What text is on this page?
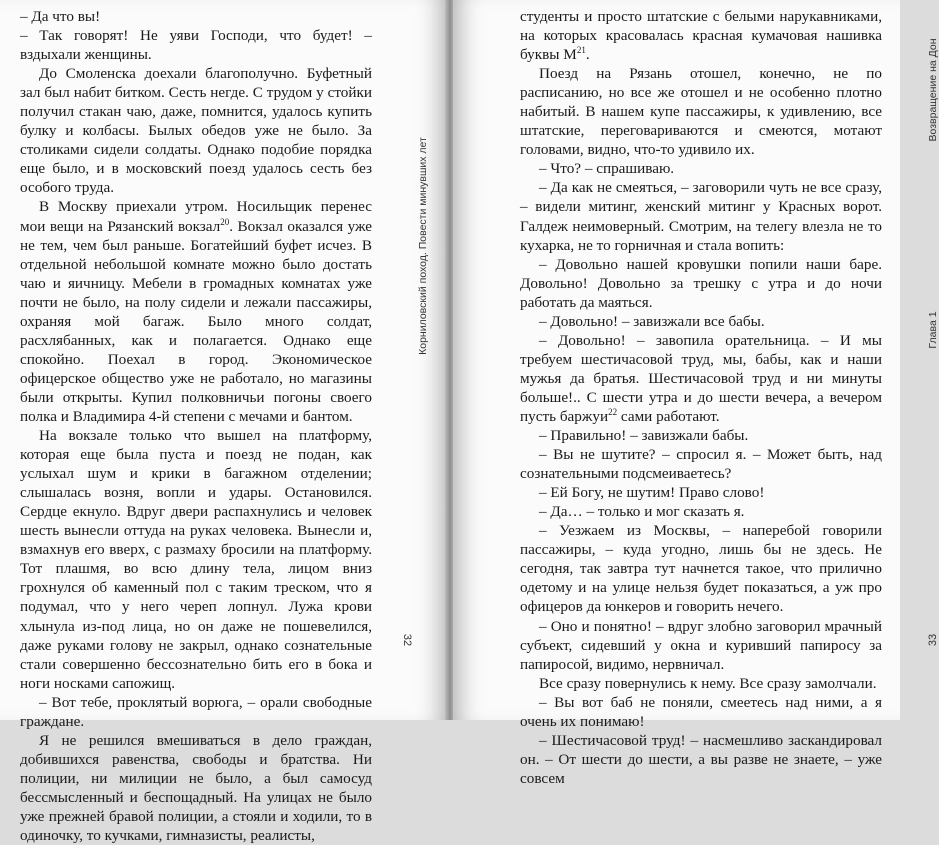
– Да что вы!

– Так говорят! Не уяви Господи, что будет! – вздыхали женщины.

До Смоленска доехали благополучно. Буфетный зал был набит битком. Сесть негде. С трудом у стойки получил стакан чаю, даже, помнится, удалось купить булку и колбасы. Былых обедов уже не было. За столиками сидели солдаты. Однако подобие порядка еще было, и в московский поезд удалось сесть без особого труда.

В Москву приехали утром. Носильщик перенес мои вещи на Рязанский вокзал$^{20}$. Вокзал оказался уже не тем, чем был раньше. Богатейший буфет исчез. В отдельной небольшой комнате можно было достать чаю и яичницу. Мебели в громадных комнатах уже почти не было, на полу сидели и лежали пассажиры, охраняя мой багаж. Было много солдат, расхлябанных, как и полагается. Однако еще спокойно. Поехал в город. Экономическое офицерское общество уже не работало, но магазины были открыты. Купил полковничьи погоны своего полка и Владимира 4-й степени с мечами и бантом.

На вокзале только что вышел на платформу, которая еще была пуста и поезд не подан, как услыхал шум и крики в багажном отделении; слышалась возня, вопли и удары. Остановился. Сердце екнуло. Вдруг двери распахнулись и человек шесть вынесли оттуда на руках человека. Вынесли и, взмахнув его вверх, с размаху бросили на платформу. Тот плашмя, во всю длину тела, лицом вниз грохнулся об каменный пол с таким треском, что я подумал, что у него череп лопнул. Лужа крови хлынула из-под лица, но он даже не пошевелился, даже руками голову не закрыл, однако сознательные стали совершенно бессознательно бить его в бока и ноги носками сапожищ.

– Вот тебе, проклятый ворюга, – орали свободные граждане.

Я не решился вмешиваться в дело граждан, добившихся равенства, свободы и братства. Ни полиции, ни милиции не было, а был самосуд бессмысленный и беспощадный. На улицах не было уже прежней бравой полиции, а стояли и ходили, то в одиночку, то кучками, гимназисты, реалисты,

Корниловский поход. Повести минувших лет
32
Возвращение на Дон
Глава 1
33

студенты и просто штатские с белыми нарукавниками, на которых красовалась красная кумачовая нашивка буквы $М^{21}$.

Поезд на Рязань отошел, конечно, не по расписанию, но все же отошел и не особенно плотно набитый. В нашем купе пассажиры, к удивлению, все штатские, переговариваются и смеются, мотают головами, видно, что-то удивило их.

– Что? – спрашиваю.

– Да как не смеяться, – заговорили чуть не все сразу, – видели митинг, женский митинг у Красных ворот. Галдеж неимоверный. Смотрим, на телегу влезла не то кухарка, не то горничная и стала вопить:

– Довольно нашей кровушки попили наши баре. Довольно! Довольно за трешку с утра и до ночи работать да маяться.

– Довольно! – завизжали все бабы.

– Довольно! – завопила орательница. – И мы требуем шестичасовой труд, мы, бабы, как и наши мужья да братья. Шестичасовой труд и ни минуты больше!.. С шести утра и до шести вечера, а вечером пусть баржуи$^{22}$ сами работают.

– Правильно! – завизжали бабы.

– Вы не шутите? – спросил я. – Может быть, над сознательными подсмеиваетесь?

– Ей Богу, не шутим! Право слово!

– Да… – только и мог сказать я.

– Уезжаем из Москвы, – наперебой говорили пассажиры, – куда угодно, лишь бы не здесь. Не сегодня, так завтра тут начнется такое, что прилично одетому и на улице нельзя будет показаться, а уж про офицеров да юнкеров и говорить нечего.

– Оно и понятно! – вдруг злобно заговорил мрачный субъект, сидевший у окна и куривший папиросу за папиросой, видимо, нервничал.

Все сразу повернулись к нему. Все сразу замолчали.

– Вы вот баб не поняли, смеетесь над ними, а я очень их понимаю!

– Шестичасовой труд! – насмешливо заскандировал он. – От шести до шести, а вы разве не знаете, – уже совсем
